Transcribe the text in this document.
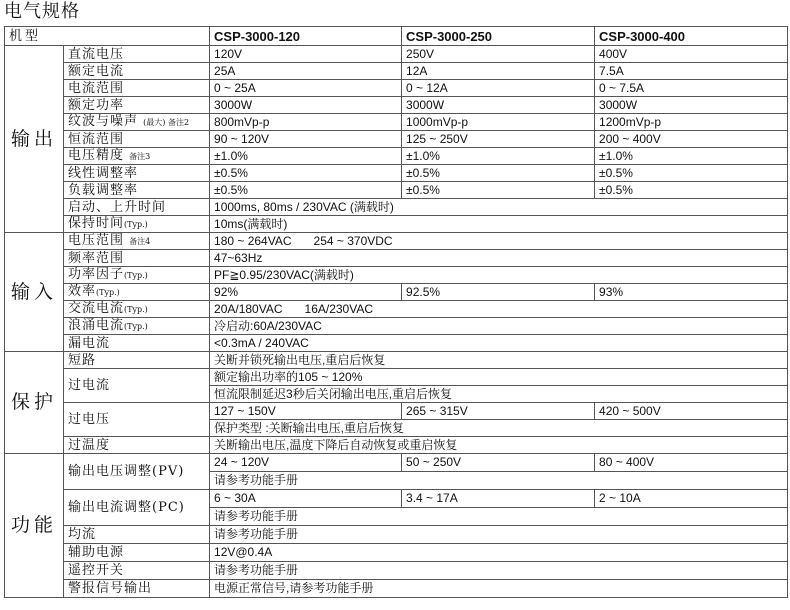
电气规格
机型		CSP-3000-120	CSP-3000-250	CSP-3000-400
输出	直流电压	120V	250V	400V
	额定电流	25A	12A	7.5A
	电流范围	0 ~ 25A	0 ~ 12A	0 ~ 7.5A
	额定功率	3000W	3000W	3000W
	纹波与噪声 (最大) 备注2	800mVp-p	1000mVp-p	1200mVp-p
	恒流范围	90 ~ 120V	125 ~ 250V	200 ~ 400V
	电压精度 备注3	±1.0%	±1.0%	±1.0%
	线性调整率	±0.5%	±0.5%	±0.5%
	负载调整率	±0.5%	±0.5%	±0.5%
	启动、上升时间	1000ms, 80ms / 230VAC (满载时)		
	保持时间(Typ.)	10ms(满载时)		
输入	电压范围 备注4	180 ~ 264VAC 254 ~ 370VDC		
	频率范围	47~63Hz		
	功率因子(Typ.)	PF≧0.95/230VAC(满载时)		
	效率(Typ.)	92%	92.5%	93%
	交流电流(Typ.)	20A/180VAC 16A/230VAC		
	浪涌电流(Typ.)	冷启动:60A/230VAC		
	漏电流	<0.3mA / 240VAC		
保护	短路	关断并锁死输出电压,重启后恢复		
	过电流	额定输出功率的105 ~ 120%		
		恒流限制延迟3秒后关闭输出电压,重启后恢复		
	过电压	127 ~ 150V	265 ~ 315V	420 ~ 500V
		保护类型 :关断输出电压,重启后恢复		
	过温度	关断输出电压,温度下降后自动恢复或重启恢复		
功能	输出电压调整(PV)	24 ~ 120V	50 ~ 250V	80 ~ 400V
		请参考功能手册		
	输出电流调整(PC)	6 ~ 30A	3.4 ~ 17A	2 ~ 10A
		请参考功能手册		
	均流	请参考功能手册		
	辅助电源	12V@0.4A		
	遥控开关	请参考功能手册		
	警报信号输出	电源正常信号,请参考功能手册		
